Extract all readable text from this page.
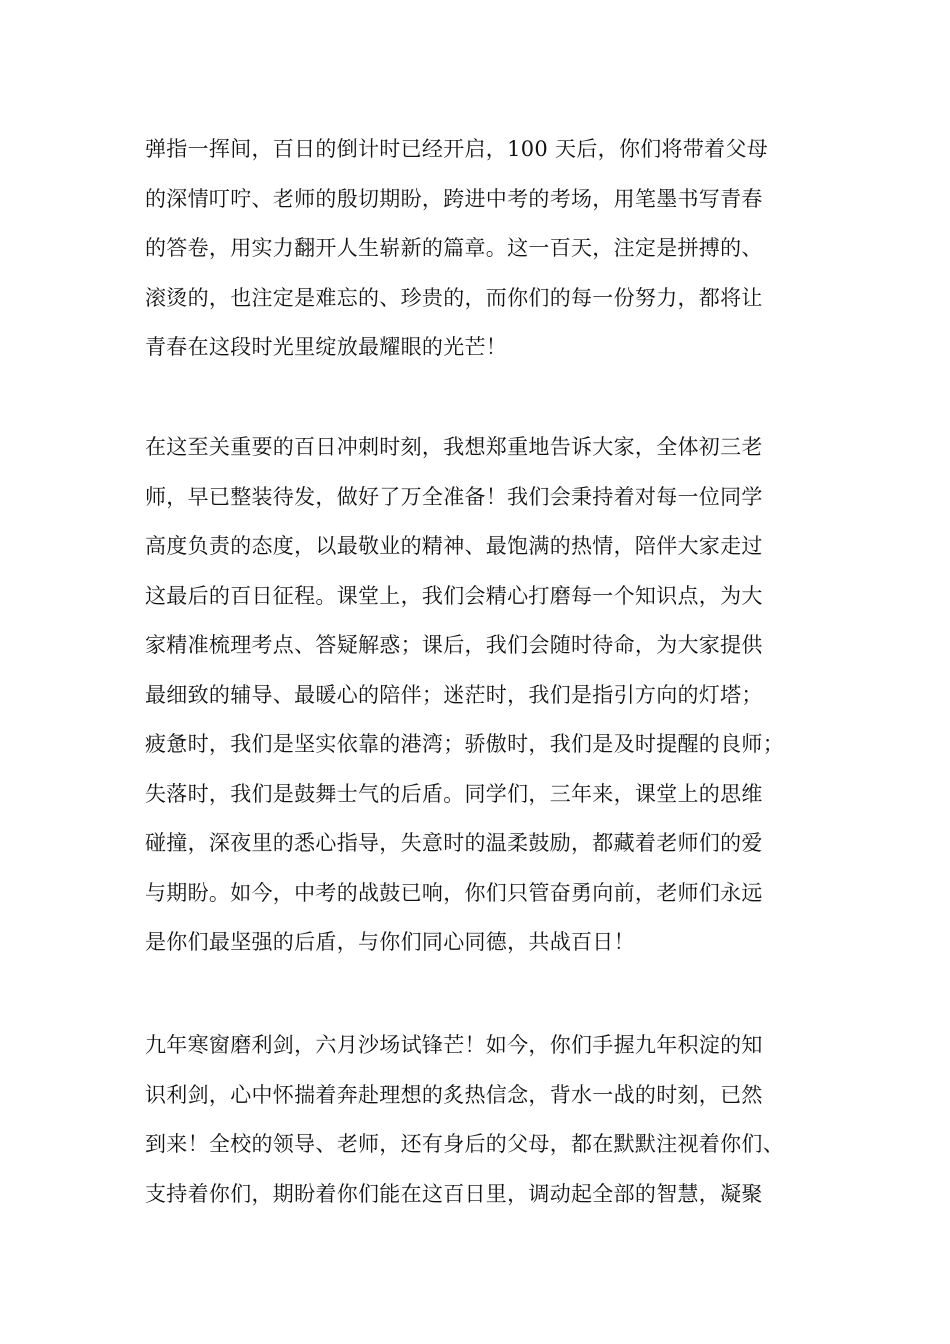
弹指一挥间，百日的倒计时已经开启，100 天后，你们将带着父母
的深情叮咛、老师的殷切期盼，跨进中考的考场，用笔墨书写青春
的答卷，用实力翻开人生崭新的篇章。这一百天，注定是拼搏的、
滚烫的，也注定是难忘的、珍贵的，而你们的每一份努力，都将让
青春在这段时光里绽放最耀眼的光芒！
在这至关重要的百日冲刺时刻，我想郑重地告诉大家，全体初三老
师，早已整装待发，做好了万全准备！我们会秉持着对每一位同学
高度负责的态度，以最敬业的精神、最饱满的热情，陪伴大家走过
这最后的百日征程。课堂上，我们会精心打磨每一个知识点，为大
家精准梳理考点、答疑解惑；课后，我们会随时待命，为大家提供
最细致的辅导、最暖心的陪伴；迷茫时，我们是指引方向的灯塔；
疲惫时，我们是坚实依靠的港湾；骄傲时，我们是及时提醒的良师；
失落时，我们是鼓舞士气的后盾。同学们，三年来，课堂上的思维
碰撞，深夜里的悉心指导，失意时的温柔鼓励，都藏着老师们的爱
与期盼。如今，中考的战鼓已响，你们只管奋勇向前，老师们永远
是你们最坚强的后盾，与你们同心同德，共战百日！
九年寒窗磨利剑，六月沙场试锋芒！如今，你们手握九年积淀的知
识利剑，心中怀揣着奔赴理想的炙热信念，背水一战的时刻，已然
到来！全校的领导、老师，还有身后的父母，都在默默注视着你们、
支持着你们，期盼着你们能在这百日里，调动起全部的智慧，凝聚
